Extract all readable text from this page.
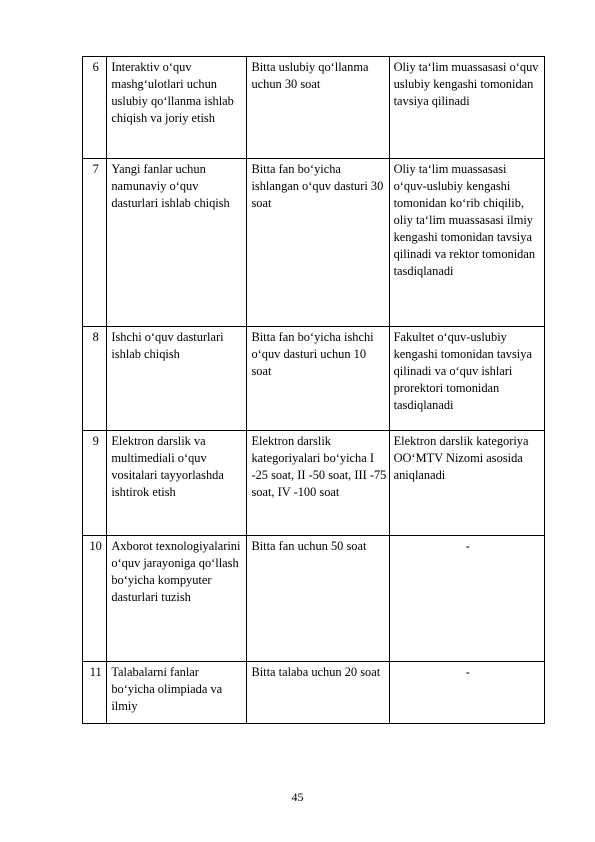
6	Interaktiv o‘quv mashg‘ulotlari uchun uslubiy qo‘llanma ishlab chiqish va joriy etish	Bitta uslubiy qo‘llanma uchun 30 soat	Oliy ta‘lim muassasasi o‘quv uslubiy kengashi tomonidan tavsiya qilinadi
7	Yangi fanlar uchun namunaviy o‘quv dasturlari ishlab chiqish	Bitta fan bo‘yicha ishlangan o‘quv dasturi 30 soat	Oliy ta‘lim muassasasi o‘quv-uslubiy kengashi tomonidan ko‘rib chiqilib, oliy ta‘lim muassasasi ilmiy kengashi tomonidan tavsiya qilinadi va rektor tomonidan tasdiqlanadi
8	Ishchi o‘quv dasturlari ishlab chiqish	Bitta fan bo‘yicha ishchi o‘quv dasturi uchun 10 soat	Fakultet o‘quv-uslubiy kengashi tomonidan tavsiya qilinadi va o‘quv ishlari prorektori tomonidan tasdiqlanadi
9	Elektron darslik va multimediali o‘quv vositalari tayyorlashda ishtirok etish	Elektron darslik kategoriyalari bo‘yicha I -25 soat, II -50 soat, III -75 soat, IV -100 soat	Elektron darslik kategoriya OO‘MTV Nizomi asosida aniqlanadi
10	Axborot texnologiyalarini o‘quv jarayoniga qo‘llash bo‘yicha kompyuter dasturlari tuzish	Bitta fan uchun 50 soat	-
11	Talabalarni fanlar bo‘yicha olimpiada va ilmiy	Bitta talaba uchun 20 soat	-
45
